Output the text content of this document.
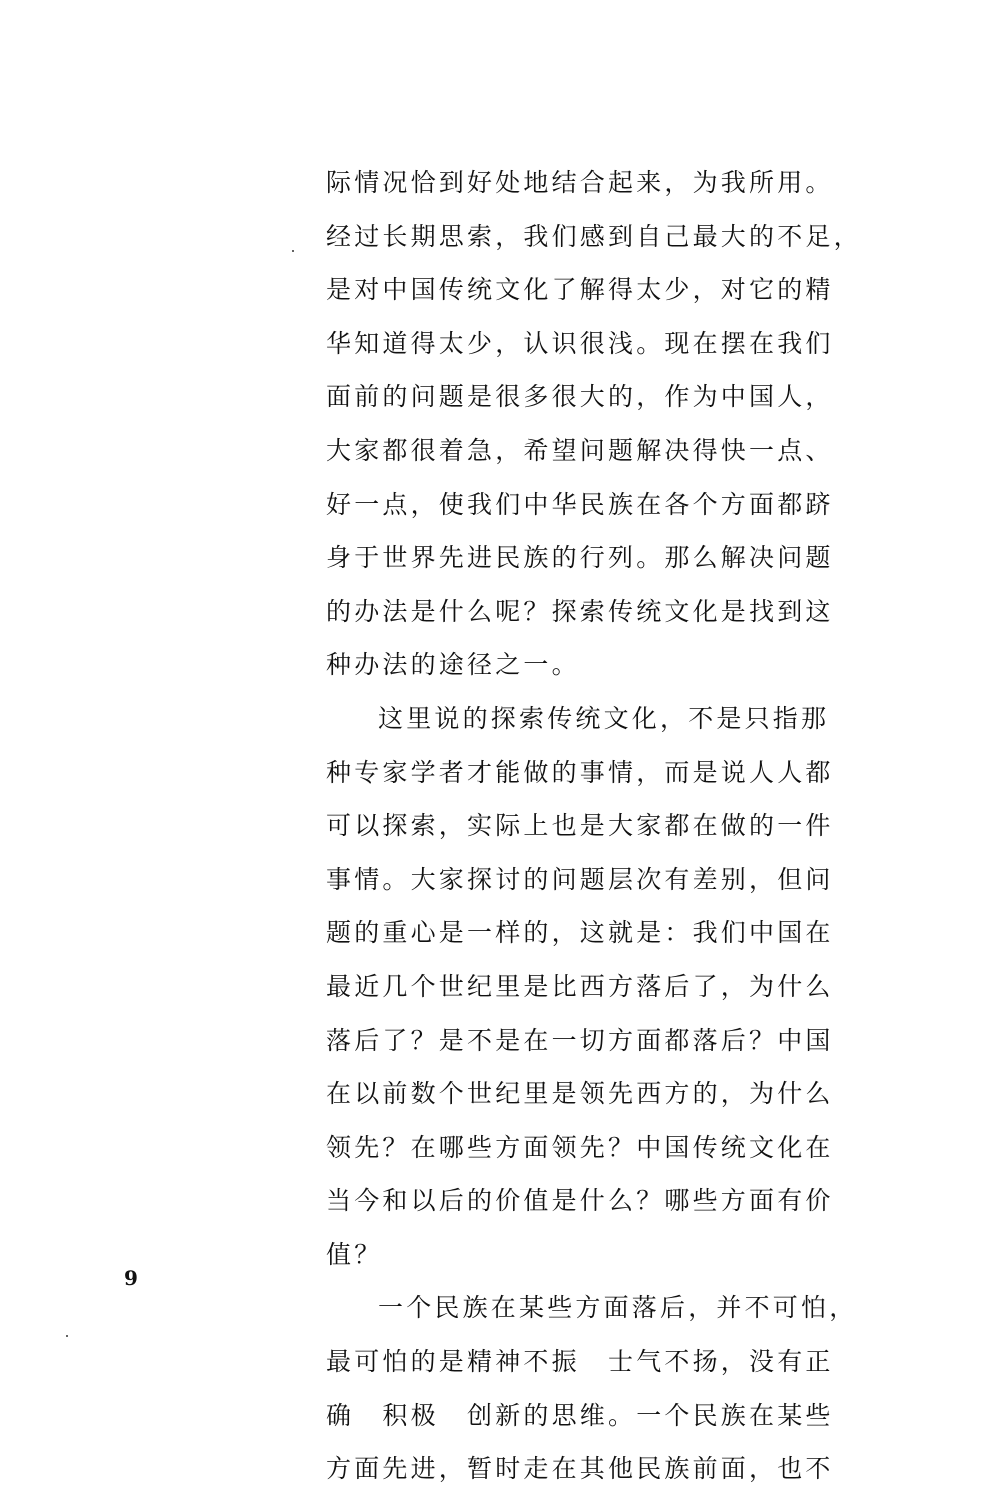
际情况恰到好处地结合起来，为我所用。
经过长期思索，我们感到自己最大的不足，
是对中国传统文化了解得太少，对它的精
华知道得太少，认识很浅。现在摆在我们
面前的问题是很多很大的，作为中国人，
大家都很着急，希望问题解决得快一点、
好一点，使我们中华民族在各个方面都跻
身于世界先进民族的行列。那么解决问题
的办法是什么呢？探索传统文化是找到这
种办法的途径之一。
这里说的探索传统文化，不是只指那
种专家学者才能做的事情，而是说人人都
可以探索，实际上也是大家都在做的一件
事情。大家探讨的问题层次有差别，但问
题的重心是一样的，这就是：我们中国在
最近几个世纪里是比西方落后了，为什么
落后了？是不是在一切方面都落后？中国
在以前数个世纪里是领先西方的，为什么
领先？在哪些方面领先？中国传统文化在
当今和以后的价值是什么？哪些方面有价
值？
一个民族在某些方面落后，并不可怕，
最可怕的是精神不振　士气不扬，没有正
确　积极　创新的思维。一个民族在某些
方面先进，暂时走在其他民族前面，也不
9
